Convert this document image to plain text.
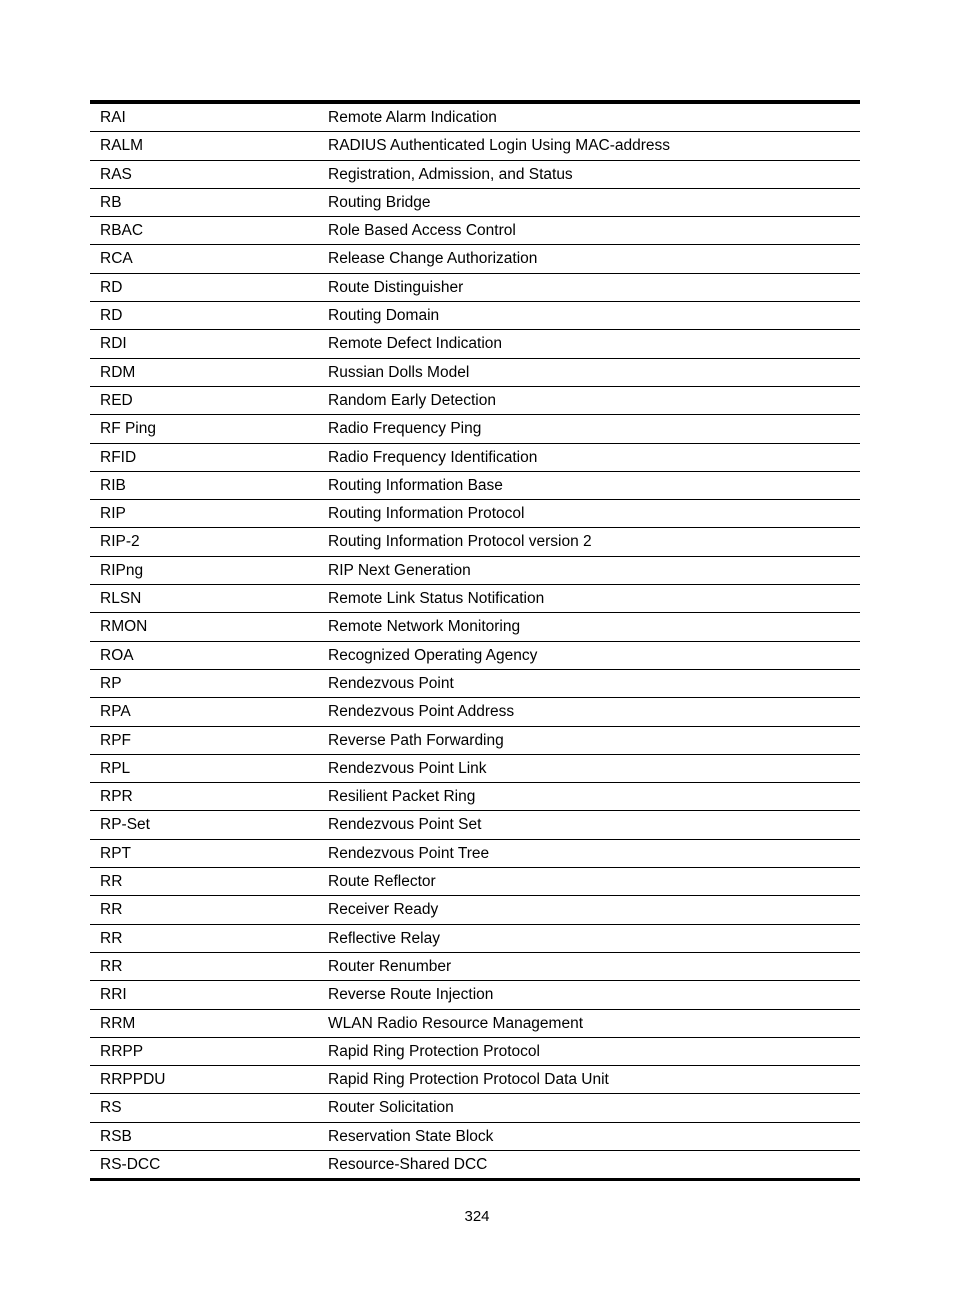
RAI	Remote Alarm Indication
RALM	RADIUS Authenticated Login Using MAC-address
RAS	Registration, Admission, and Status
RB	Routing Bridge
RBAC	Role Based Access Control
RCA	Release Change Authorization
RD	Route Distinguisher
RD	Routing Domain
RDI	Remote Defect Indication
RDM	Russian Dolls Model
RED	Random Early Detection
RF Ping	Radio Frequency Ping
RFID	Radio Frequency Identification
RIB	Routing Information Base
RIP	Routing Information Protocol
RIP-2	Routing Information Protocol version 2
RIPng	RIP Next Generation
RLSN	Remote Link Status Notification
RMON	Remote Network Monitoring
ROA	Recognized Operating Agency
RP	Rendezvous Point
RPA	Rendezvous Point Address
RPF	Reverse Path Forwarding
RPL	Rendezvous Point Link
RPR	Resilient Packet Ring
RP-Set	Rendezvous Point Set
RPT	Rendezvous Point Tree
RR	Route Reflector
RR	Receiver Ready
RR	Reflective Relay
RR	Router Renumber
RRI	Reverse Route Injection
RRM	WLAN Radio Resource Management
RRPP	Rapid Ring Protection Protocol
RRPPDU	Rapid Ring Protection Protocol Data Unit
RS	Router Solicitation
RSB	Reservation State Block
RS-DCC	Resource-Shared DCC
324
